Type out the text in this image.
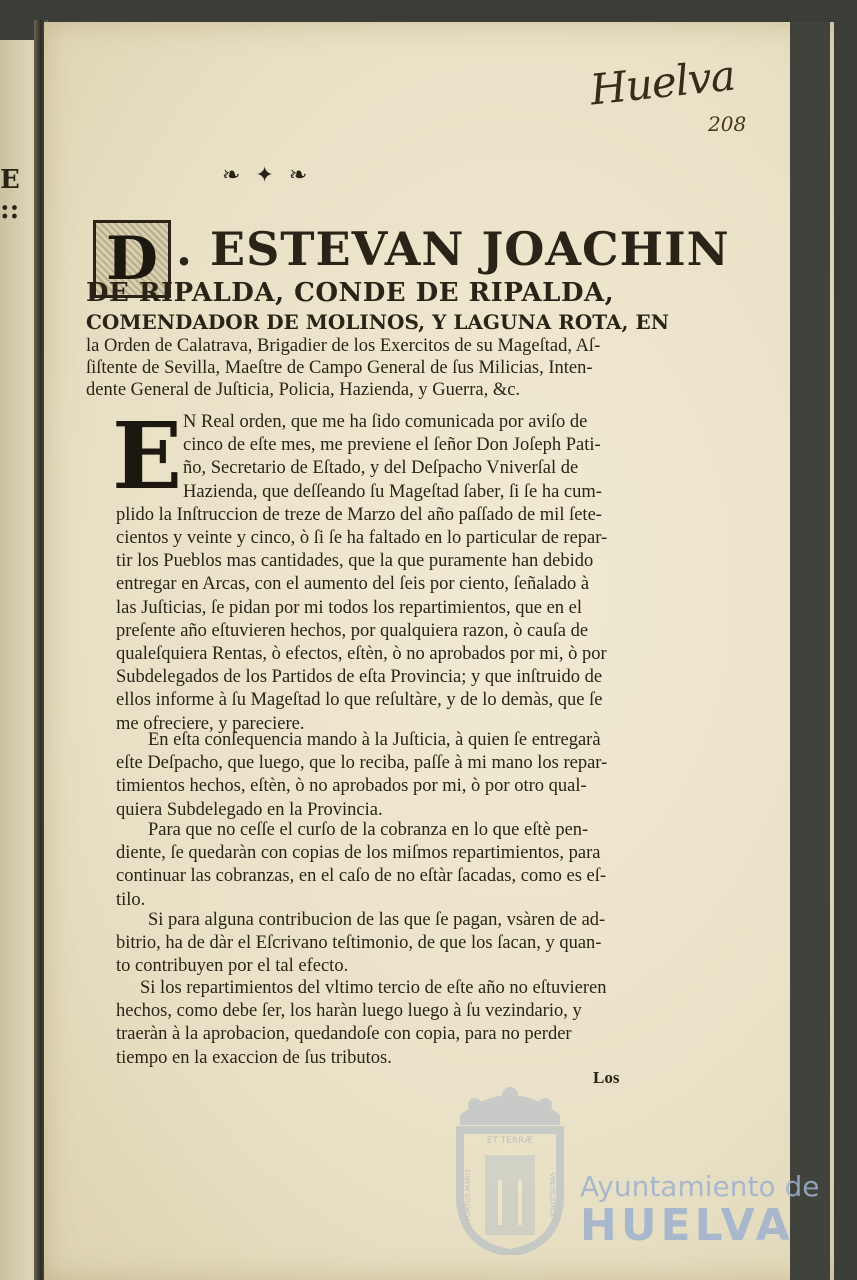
E
::
Huelva
208
❧ ✦ ❧
D . ESTEVAN JOACHIN
DE RIPALDA, CONDE DE RIPALDA,
COMENDADOR DE MOLINOS, Y LAGUNA ROTA, EN
la Orden de Calatrava, Brigadier de los Exercitos de su Mageſtad, Aſ-
ſiſtente de Sevilla, Maeſtre de Campo General de ſus Milicias, Inten-
dente General de Juſticia, Policia, Hazienda, y Guerra, &c.
E N Real orden, que me ha ſido comunicada por aviſo de
cinco de eſte mes, me previene el ſeñor Don Joſeph Pati-
ño, Secretario de Eſtado, y del Deſpacho Vniverſal de
Hazienda, que deſſeando ſu Mageſtad ſaber, ſi ſe ha cum-
plido la Inſtruccion de treze de Marzo del año paſſado de mil ſete-
cientos y veinte y cinco, ò ſi ſe ha faltado en lo particular de repar-
tir los Pueblos mas cantidades, que la que puramente han debido
entregar en Arcas, con el aumento del ſeis por ciento, ſeñalado à
las Juſticias, ſe pidan por mi todos los repartimientos, que en el
preſente año eſtuvieren hechos, por qualquiera razon, ò cauſa de
qualeſquiera Rentas, ò efectos, eſtèn, ò no aprobados por mi, ò por
Subdelegados de los Partidos de eſta Provincia; y que inſtruido de
ellos informe à ſu Mageſtad lo que reſultàre, y de lo demàs, que ſe
me ofreciere, y pareciere.
En eſta conſequencia mando à la Juſticia, à quien ſe entregarà
eſte Deſpacho, que luego, que lo reciba, paſſe à mi mano los repar-
timientos hechos, eſtèn, ò no aprobados por mi, ò por otro qual-
quiera Subdelegado en la Provincia.
Para que no ceſſe el curſo de la cobranza en lo que eſtè pen-
diente, ſe quedaràn con copias de los miſmos repartimientos, para
continuar las cobranzas, en el caſo de no eſtàr ſacadas, como es eſ-
tilo.
Si para alguna contribucion de las que ſe pagan, vsàren de ad-
bitrio, ha de dàr el Eſcrivano teſtimonio, de que los ſacan, y quan-
to contribuyen por el tal efecto.
Si los repartimientos del vltimo tercio de eſte año no eſtuvieren
hechos, como debe ſer, los haràn luego luego à ſu vezindario, y
traeràn à la aprobacion, quedandoſe con copia, para no perder
tiempo en la exaccion de ſus tributos.
Los
ET TERRÆ
PORTUS MARIS	VINDICATRIX Ayuntamiento de
HUELVA
